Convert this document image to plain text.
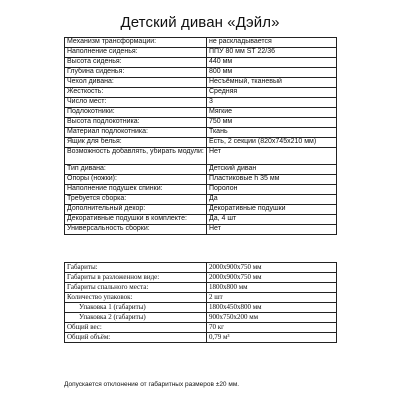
Детский диван «Дэйл»
Механизм трансформации:	не раскладывается
Наполнение сиденья:	ППУ 80 мм ST 22/36
Высота сиденья:	440 мм
Глубина сиденья:	800 мм
Чехол дивана:	Несъёмный, тканевый
Жесткость:	Средняя
Число мест:	3
Подлокотники:	Мягкие
Высота подлокотника:	750 мм
Материал подлокотника:	Ткань
Ящик для белья:	Есть, 2 секции (820х745х210 мм)
Возможность добавлять, убирать модули:	Нет
Тип дивана:	Детский диван
Опоры (ножки):	Пластиковые h 35 мм
Наполнение подушек спинки:	Поролон
Требуется сборка:	Да
Дополнительный декор:	Декоративные подушки
Декоративные подушки в комплекте:	Да, 4 шт
Универсальность сборки:	Нет
Габариты:	2000х900х750 мм
Габариты в разложенном виде:	2000х900х750 мм
Габариты спального места:	1800х800 мм
Количество упаковок:	2 шт
Упаковка 1 (габариты)	1800х450х800 мм
Упаковка 2 (габариты)	900х750х200 мм
Общий вес:	70 кг
Общий объём:	0,79 м³
Допускается отклонение от габаритных размеров ±20 мм.
